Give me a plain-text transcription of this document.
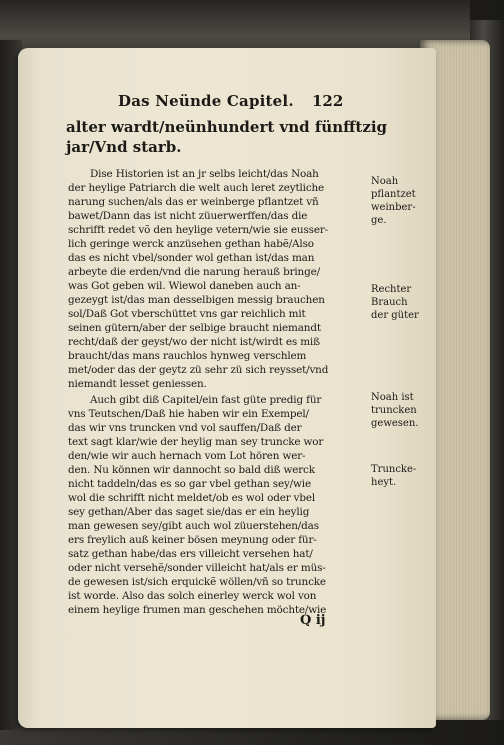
Das Neünde Capitel. 122
alter wardt/neünhundert vnd fünfftzig
jar/Vnd starb.
Dise Historien ist an jr selbs leicht/das Noah
der heylige Patriarch die welt auch leret zeytliche
narung suchen/als das er weinberge pflantzet vñ
bawet/Dann das ist nicht züuerwerffen/das die
schrifft redet võ den heylige vetern/wie sie eusser-
lich geringe werck anzüsehen gethan habẽ/Also
das es nicht vbel/sonder wol gethan ist/das man
arbeyte die erden/vnd die narung herauß bringe/
was Got geben wil. Wiewol daneben auch an-
gezeygt ist/das man desselbigen messig brauchen
sol/Daß Got vberschüttet vns gar reichlich mit
seinen gütern/aber der selbige braucht niemandt
recht/daß der geyst/wo der nicht ist/wirdt es miß
braucht/das mans rauchlos hynweg verschlem
met/oder das der geytz zü sehr zü sich reysset/vnd
niemandt lesset geniessen.
Auch gibt diß Capitel/ein fast güte predig für
vns Teutschen/Daß hie haben wir ein Exempel/
das wir vns truncken vnd vol sauffen/Daß der
text sagt klar/wie der heylig man sey truncke wor
den/wie wir auch hernach vom Lot hören wer-
den. Nu können wir dannocht so bald diß werck
nicht taddeln/das es so gar vbel gethan sey/wie
wol die schrifft nicht meldet/ob es wol oder vbel
sey gethan/Aber das saget sie/das er ein heylig
man gewesen sey/gibt auch wol züuerstehen/das
ers freylich auß keiner bösen meynung oder für-
satz gethan habe/das ers villeicht versehen hat/
oder nicht versehẽ/sonder villeicht hat/als er müs-
de gewesen ist/sich erquickẽ wöllen/vñ so truncke
ist worde. Also das solch einerley werck wol von
einem heylige frumen man geschehen möchte/wie
Noah
pflantzet
weinber-
ge.
Rechter
Brauch
der güter
Noah ist
truncken
gewesen.
Truncke-
heyt.
Q ij
